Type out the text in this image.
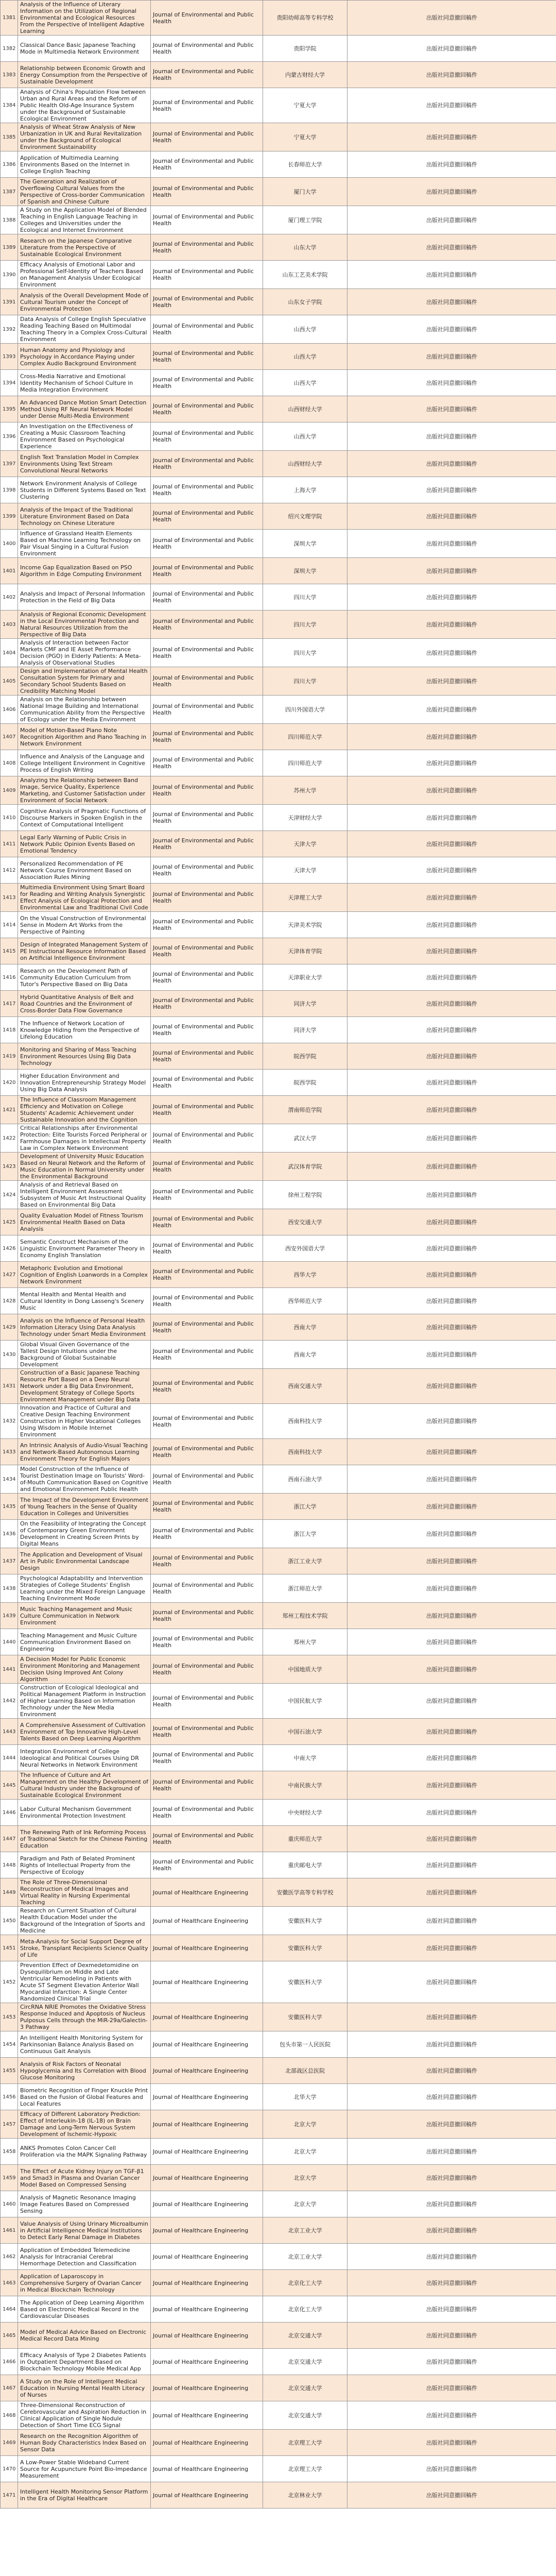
1381	Analysis of the Influence of Literary Information on the Utilization of Regional Environmental and Ecological Resources From the Perspective of Intelligent Adaptive Learning	Journal of Environmental and Public Health	贵阳幼师高等专科学校	出版社同意撤回稿件
1382	Classical Dance Basic Japanese Teaching Mode in Multimedia Network Environment	Journal of Environmental and Public Health	贵阳学院	出版社同意撤回稿件
1383	Relationship between Economic Growth and Energy Consumption from the Perspective of Sustainable Development	Journal of Environmental and Public Health	内蒙古财经大学	出版社同意撤回稿件
1384	Analysis of China's Population Flow between Urban and Rural Areas and the Reform of Public Health Old-Age Insurance System under the Background of Sustainable Ecological Environment	Journal of Environmental and Public Health	宁夏大学	出版社同意撤回稿件
1385	Analysis of Wheat Straw Analysis of New Urbanization in UK and Rural Revitalization under the Background of Ecological Environment Sustainability	Journal of Environmental and Public Health	宁夏大学	出版社同意撤回稿件
1386	Application of Multimedia Learning Environments Based on the Internet in College English Teaching	Journal of Environmental and Public Health	长春师范大学	出版社同意撤回稿件
1387	The Generation and Realization of Overflowing Cultural Values from the Perspective of Cross-border Communication of Spanish and Chinese Culture	Journal of Environmental and Public Health	厦门大学	出版社同意撤回稿件
1388	A Study on the Application Model of Blended Teaching in English Language Teaching in Colleges and Universities under the Ecological and Internet Environment	Journal of Environmental and Public Health	厦门理工学院	出版社同意撤回稿件
1389	Research on the Japanese Comparative Literature from the Perspective of Sustainable Ecological Environment	Journal of Environmental and Public Health	山东大学	出版社同意撤回稿件
1390	Efficacy Analysis of Emotional Labor and Professional Self-Identity of Teachers Based on Management Analysis Under Ecological Environment	Journal of Environmental and Public Health	山东工艺美术学院	出版社同意撤回稿件
1391	Analysis of the Overall Development Mode of Cultural Tourism under the Concept of Environmental Protection	Journal of Environmental and Public Health	山东女子学院	出版社同意撤回稿件
1392	Data Analysis of College English Speculative Reading Teaching Based on Multimodal Teaching Theory in a Complex Cross-Cultural Environment	Journal of Environmental and Public Health	山西大学	出版社同意撤回稿件
1393	Human Anatomy and Physiology and Psychology in Accordance Playing under Complex Audio Background Environment	Journal of Environmental and Public Health	山西大学	出版社同意撤回稿件
1394	Cross-Media Narrative and Emotional Identity Mechanism of School Culture in Media Integration Environment	Journal of Environmental and Public Health	山西大学	出版社同意撤回稿件
1395	An Advanced Dance Motion Smart Detection Method Using RF Neural Network Model under Dense Multi-Media Environment	Journal of Environmental and Public Health	山西财经大学	出版社同意撤回稿件
1396	An Investigation on the Effectiveness of Creating a Music Classroom Teaching Environment Based on Psychological Experience	Journal of Environmental and Public Health	山西大学	出版社同意撤回稿件
1397	English Text Translation Model in Complex Environments Using Text Stream Convolutional Neural Networks	Journal of Environmental and Public Health	山西财经大学	出版社同意撤回稿件
1398	Network Environment Analysis of College Students in Different Systems Based on Text Clustering	Journal of Environmental and Public Health	上海大学	出版社同意撤回稿件
1399	Analysis of the Impact of the Traditional Literature Environment Based on Data Technology on Chinese Literature	Journal of Environmental and Public Health	绍兴文理学院	出版社同意撤回稿件
1400	Influence of Grassland Health Elements Based on Machine Learning Technology on Pair Visual Singing in a Cultural Fusion Environment	Journal of Environmental and Public Health	深圳大学	出版社同意撤回稿件
1401	Income Gap Equalization Based on PSO Algorithm in Edge Computing Environment	Journal of Environmental and Public Health	深圳大学	出版社同意撤回稿件
1402	Analysis and Impact of Personal Information Protection in the Field of Big Data	Journal of Environmental and Public Health	四川大学	出版社同意撤回稿件
1403	Analysis of Regional Economic Development in the Local Environmental Protection and Natural Resources Utilization from the Perspective of Big Data	Journal of Environmental and Public Health	四川大学	出版社同意撤回稿件
1404	Analysis of Interaction between Factor Markets CMF and IE Asset Performance Decision (PGO) in Elderly Patients: A Meta-Analysis of Observational Studies	Journal of Environmental and Public Health	四川大学	出版社同意撤回稿件
1405	Design and Implementation of Mental Health Consultation System for Primary and Secondary School Students Based on Credibility Matching Model	Journal of Environmental and Public Health	四川大学	出版社同意撤回稿件
1406	Analysis on the Relationship between National Image Building and International Communication Ability from the Perspective of Ecology under the Media Environment	Journal of Environmental and Public Health	四川外国语大学	出版社同意撤回稿件
1407	Model of Motion-Based Piano Note Recognition Algorithm and Piano Teaching in Network Environment	Journal of Environmental and Public Health	四川师范大学	出版社同意撤回稿件
1408	Influence and Analysis of the Language and College Intelligent Environment in Cognitive Process of English Writing	Journal of Environmental and Public Health	四川师范大学	出版社同意撤回稿件
1409	Analyzing the Relationship between Band Image, Service Quality, Experience Marketing, and Customer Satisfaction under Environment of Social Network	Journal of Environmental and Public Health	苏州大学	出版社同意撤回稿件
1410	Cognitive Analysis of Pragmatic Functions of Discourse Markers in Spoken English in the Context of Computational Intelligent	Journal of Environmental and Public Health	天津财经大学	出版社同意撤回稿件
1411	Legal Early Warning of Public Crisis in Network Public Opinion Events Based on Emotional Tendency	Journal of Environmental and Public Health	天津大学	出版社同意撤回稿件
1412	Personalized Recommendation of PE Network Course Environment Based on Association Rules Mining	Journal of Environmental and Public Health	天津大学	出版社同意撤回稿件
1413	Multimedia Environment Using Smart Board for Reading and Writing Analysis Synergistic Effect Analysis of Ecological Protection and Environmental Law and Traditional Civil Code	Journal of Environmental and Public Health	天津理工大学	出版社同意撤回稿件
1414	On the Visual Construction of Environmental Sense in Modern Art Works from the Perspective of Painting	Journal of Environmental and Public Health	天津美术学院	出版社同意撤回稿件
1415	Design of Integrated Management System of PE Instructional Resource Information Based on Artificial Intelligence Environment	Journal of Environmental and Public Health	天津体育学院	出版社同意撤回稿件
1416	Research on the Development Path of Community Education Curriculum from Tutor's Perspective Based on Big Data	Journal of Environmental and Public Health	天津职业大学	出版社同意撤回稿件
1417	Hybrid Quantitative Analysis of Belt and Road Countries and the Environment of Cross-Border Data Flow Governance	Journal of Environmental and Public Health	同济大学	出版社同意撤回稿件
1418	The Influence of Network Location of Knowledge Hiding from the Perspective of Lifelong Education	Journal of Environmental and Public Health	同济大学	出版社同意撤回稿件
1419	Monitoring and Sharing of Mass Teaching Environment Resources Using Big Data Technology	Journal of Environmental and Public Health	皖西学院	出版社同意撤回稿件
1420	Higher Education Environment and Innovation Entrepreneurship Strategy Model Using Big Data Analysis	Journal of Environmental and Public Health	皖西学院	出版社同意撤回稿件
1421	The Influence of Classroom Management Efficiency and Motivation on College Students' Academic Achievement under Sustainable Innovation and the Cognition	Journal of Environmental and Public Health	渭南师范学院	出版社同意撤回稿件
1422	Critical Relationships after Environmental Protection: Elite Tourists Forced Peripheral or Farmhouse Damages in Intellectual Property Law in Complex Network Environment	Journal of Environmental and Public Health	武汉大学	出版社同意撤回稿件
1423	Development of University Music Education Based on Neural Network and the Reform of Music Education in Normal University under the Environmental Background	Journal of Environmental and Public Health	武汉体育学院	出版社同意撤回稿件
1424	Analysis of and Retrieval Based on Intelligent Environment Assessment Subsystem of Music Art Instructional Quality Based on Environmental Big Data	Journal of Environmental and Public Health	徐州工程学院	出版社同意撤回稿件
1425	Quality Evaluation Model of Fitness Tourism Environmental Health Based on Data Analysis	Journal of Environmental and Public Health	西安交通大学	出版社同意撤回稿件
1426	Semantic Construct Mechanism of the Linguistic Environment Parameter Theory in Economy English Translation	Journal of Environmental and Public Health	西安外国语大学	出版社同意撤回稿件
1427	Metaphoric Evolution and Emotional Cognition of English Loanwords in a Complex Network Environment	Journal of Environmental and Public Health	西华大学	出版社同意撤回稿件
1428	Mental Health and Mental Health and Cultural Identity in Dong Lasseng's Scenery Music	Journal of Environmental and Public Health	西华师范大学	出版社同意撤回稿件
1429	Analysis on the Influence of Personal Health Information Literacy Using Data Analysis Technology under Smart Media Environment	Journal of Environmental and Public Health	西南大学	出版社同意撤回稿件
1430	Global Visual Given Governance of the Tallest Design Intuitions under the Background of Global Sustainable Development	Journal of Environmental and Public Health	西南大学	出版社同意撤回稿件
1431	Construction of a Basic Japanese Teaching Resource Port Based on a Deep Neural Network under a Big Data Environment, Development Strategy of College Sports Environment Management under Big Data	Journal of Environmental and Public Health	西南交通大学	出版社同意撤回稿件
1432	Innovation and Practice of Cultural and Creative Design Teaching Environment Construction in Higher Vocational Colleges Using Wisdom in Mobile Internet Environment	Journal of Environmental and Public Health	西南科技大学	出版社同意撤回稿件
1433	An Intrinsic Analysis of Audio-Visual Teaching and Network-Based Autonomous Learning Environment Theory for English Majors	Journal of Environmental and Public Health	西南科技大学	出版社同意撤回稿件
1434	Model Construction of the Influence of Tourist Destination Image on Tourists' Word-of-Mouth Communication Based on Cognitive and Emotional Environment Public Health	Journal of Environmental and Public Health	西南石油大学	出版社同意撤回稿件
1435	The Impact of the Development Environment of Young Teachers in the Sense of Quality Education in Colleges and Universities	Journal of Environmental and Public Health	浙江大学	出版社同意撤回稿件
1436	On the Feasibility of Integrating the Concept of Contemporary Green Environment Development in Creating Screen Prints by Digital Means	Journal of Environmental and Public Health	浙江大学	出版社同意撤回稿件
1437	The Application and Development of Visual Art in Public Environmental Landscape Design	Journal of Environmental and Public Health	浙江工业大学	出版社同意撤回稿件
1438	Psychological Adaptability and Intervention Strategies of College Students' English Learning under the Mixed Foreign Language Teaching Environment Mode	Journal of Environmental and Public Health	浙江师范大学	出版社同意撤回稿件
1439	Music Teaching Management and Music Culture Communication in Network Environment	Journal of Environmental and Public Health	郑州工程技术学院	出版社同意撤回稿件
1440	Teaching Management and Music Culture Communication Environment Based on Engineering	Journal of Environmental and Public Health	郑州大学	出版社同意撤回稿件
1441	A Decision Model for Public Economic Environment Monitoring and Management Decision Using Improved Ant Colony Algorithm	Journal of Environmental and Public Health	中国地质大学	出版社同意撤回稿件
1442	Construction of Ecological Ideological and Political Management Platform in Instruction of Higher Learning Based on Information Technology under the New Media Environment	Journal of Environmental and Public Health	中国民航大学	出版社同意撤回稿件
1443	A Comprehensive Assessment of Cultivation Environment of Top Innovative High-Level Talents Based on Deep Learning Algorithm	Journal of Environmental and Public Health	中国石油大学	出版社同意撤回稿件
1444	Integration Environment of College Ideological and Political Courses Using DR Neural Networks in Network Environment	Journal of Environmental and Public Health	中南大学	出版社同意撤回稿件
1445	The Influence of Culture and Art Management on the Healthy Development of Cultural Industry under the Background of Sustainable Ecological Environment	Journal of Environmental and Public Health	中南民族大学	出版社同意撤回稿件
1446	Labor Cultural Mechanism Government Environmental Protection Investment	Journal of Environmental and Public Health	中央财经大学	出版社同意撤回稿件
1447	The Renewing Path of Ink Reforming Process of Traditional Sketch for the Chinese Painting Education	Journal of Environmental and Public Health	重庆师范大学	出版社同意撤回稿件
1448	Paradigm and Path of Belated Prominent Rights of Intellectual Property from the Perspective of Ecology	Journal of Environmental and Public Health	重庆邮电大学	出版社同意撤回稿件
1449	The Role of Three-Dimensional Reconstruction of Medical Images and Virtual Reality in Nursing Experimental Teaching	Journal of Healthcare Engineering	安徽医学高等专科学校	出版社同意撤回稿件
1450	Research on Current Situation of Cultural Health Education Model under the Background of the Integration of Sports and Medicine	Journal of Healthcare Engineering	安徽医科大学	出版社同意撤回稿件
1451	Meta-Analysis for Social Support Degree of Stroke, Transplant Recipients Science Quality of Life	Journal of Healthcare Engineering	安徽医科大学	出版社同意撤回稿件
1452	Prevention Effect of Dexmedetomidine on Dysequilibrium on Middle and Late Ventricular Remodeling in Patients with Acute ST Segment Elevation Anterior Wall Myocardial Infarction: A Single Center Randomized Clinical Trial	Journal of Healthcare Engineering	安徽医科大学	出版社同意撤回稿件
1453	CircRNA NRIE Promotes the Oxidative Stress Response Induced and Apoptosis of Nucleus Pulposus Cells through the MiR-29a/Galectin-3 Pathway	Journal of Healthcare Engineering	安徽医科大学	出版社同意撤回稿件
1454	An Intelligent Health Monitoring System for Parkinsonian Balance Analysis Based on Continuous Gait Analysis	Journal of Healthcare Engineering	包头市第一人民医院	出版社同意撤回稿件
1455	Analysis of Risk Factors of Neonatal Hypoglycemia and Its Correlation with Blood Glucose Monitoring	Journal of Healthcare Engineering	北部战区总医院	出版社同意撤回稿件
1456	Biometric Recognition of Finger Knuckle Print Based on the Fusion of Global Features and Local Features	Journal of Healthcare Engineering	北华大学	出版社同意撤回稿件
1457	Efficacy of Different Laboratory Prediction: Effect of Interleukin-18 (IL-18) on Brain Damage and Long-Term Nervous System Development of Ischemic-Hypoxic	Journal of Healthcare Engineering	北京大学	出版社同意撤回稿件
1458	ANKS Promotes Colon Cancer Cell Proliferation via the MAPK Signaling Pathway	Journal of Healthcare Engineering	北京大学	出版社同意撤回稿件
1459	The Effect of Acute Kidney Injury on TGF-β1 and Smad3 in Plasma and Ovarian Cancer Model Based on Compressed Sensing	Journal of Healthcare Engineering	北京大学	出版社同意撤回稿件
1460	Analysis of Magnetic Resonance Imaging Image Features Based on Compressed Sensing	Journal of Healthcare Engineering	北京大学	出版社同意撤回稿件
1461	Value Analysis of Using Urinary Microalbumin in Artificial Intelligence Medical Institutions to Detect Early Renal Damage in Diabetes	Journal of Healthcare Engineering	北京工业大学	出版社同意撤回稿件
1462	Application of Embedded Telemedicine Analysis for Intracranial Cerebral Hemorrhage Detection and Classification	Journal of Healthcare Engineering	北京工业大学	出版社同意撤回稿件
1463	Application of Laparoscopy in Comprehensive Surgery of Ovarian Cancer in Medical Blockchain Technology	Journal of Healthcare Engineering	北京化工大学	出版社同意撤回稿件
1464	The Application of Deep Learning Algorithm Based on Electronic Medical Record in the Cardiovascular Diseases	Journal of Healthcare Engineering	北京化工大学	出版社同意撤回稿件
1465	Model of Medical Advice Based on Electronic Medical Record Data Mining	Journal of Healthcare Engineering	北京交通大学	出版社同意撤回稿件
1466	Efficacy Analysis of Type 2 Diabetes Patients in Outpatient Department Based on Blockchain Technology Mobile Medical App	Journal of Healthcare Engineering	北京交通大学	出版社同意撤回稿件
1467	A Study on the Role of Intelligent Medical Education in Nursing Mental Health Literacy of Nurses	Journal of Healthcare Engineering	北京交通大学	出版社同意撤回稿件
1468	Three-Dimensional Reconstruction of Cerebrovascular and Aspiration Reduction in Clinical Application of Single Nodule Detection of Short Time ECG Signal	Journal of Healthcare Engineering	北京交通大学	出版社同意撤回稿件
1469	Research on the Recognition Algorithm of Human Body Characteristics Index Based on Sensor Data	Journal of Healthcare Engineering	北京理工大学	出版社同意撤回稿件
1470	A Low-Power Stable Wideband Current Source for Acupuncture Point Bio-Impedance Measurement	Journal of Healthcare Engineering	北京理工大学	出版社同意撤回稿件
1471	Intelligent Health Monitoring Sensor Platform in the Era of Digital Healthcare	Journal of Healthcare Engineering	北京林业大学	出版社同意撤回稿件
